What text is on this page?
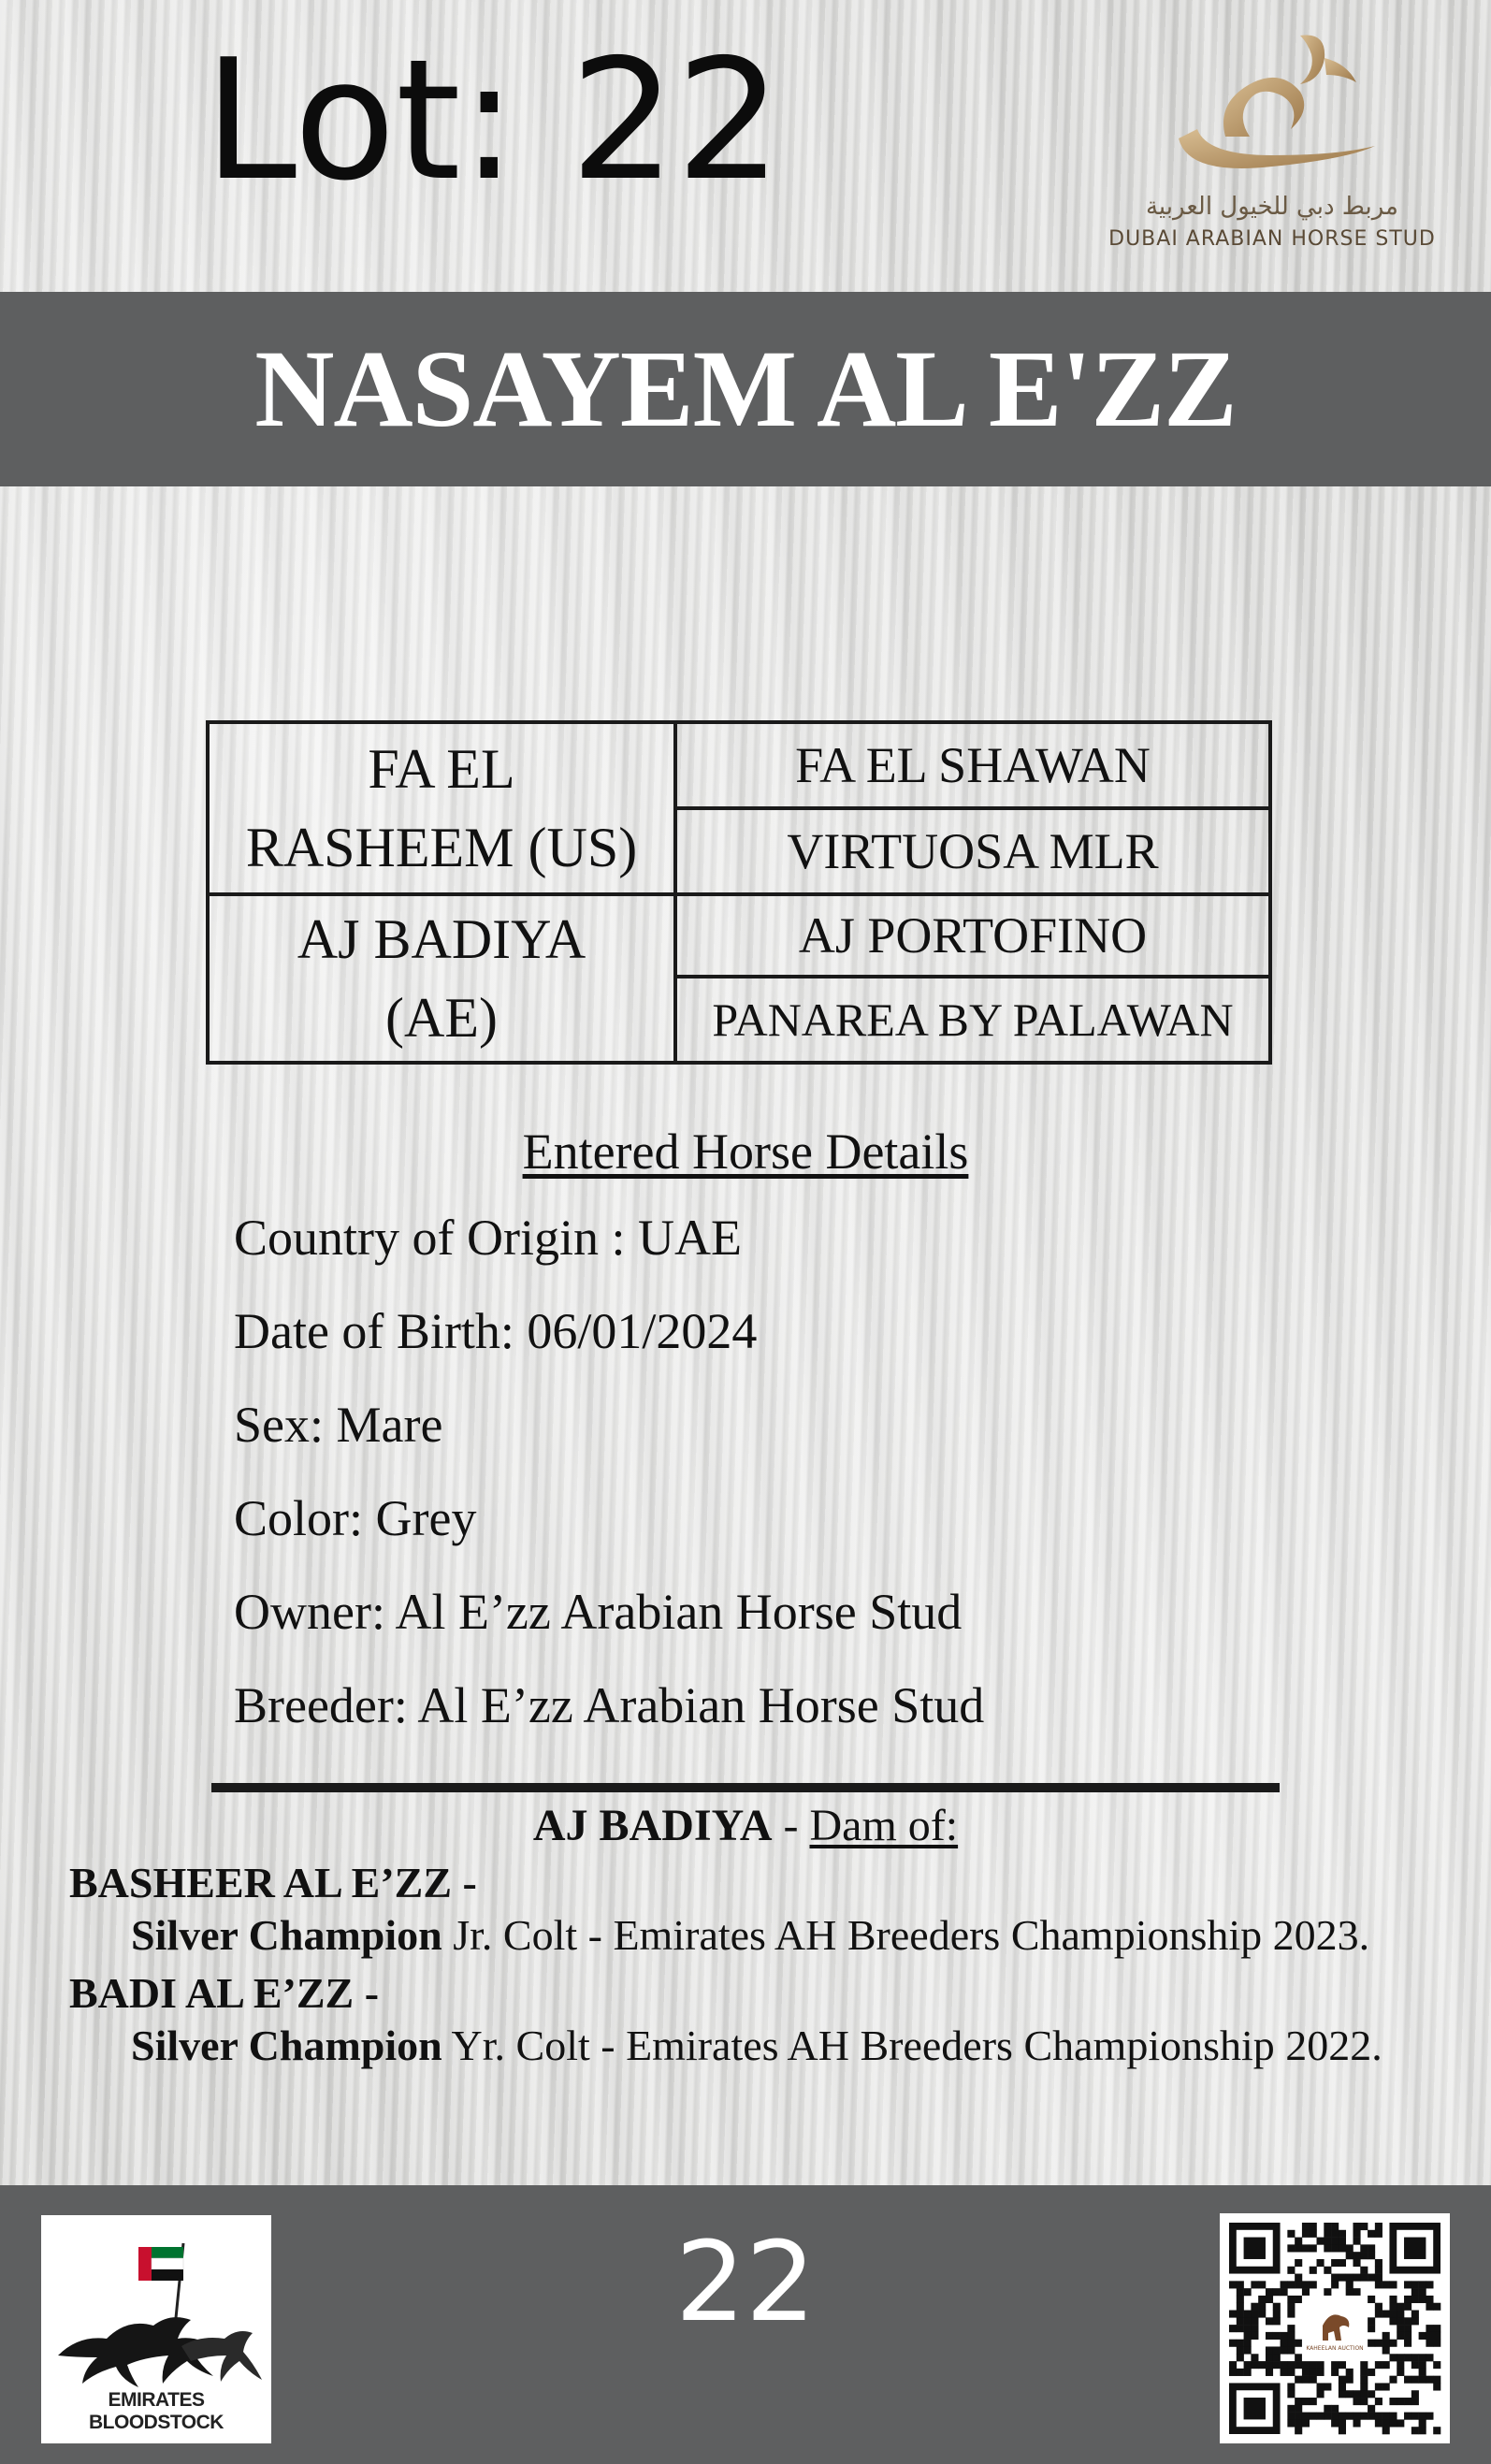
Lot: 22	مربط دبي للخيول العربية
DUBAI ARABIAN HORSE STUD
NASAYEM AL E'ZZ
FA EL
RASHEEM (US)
FA EL SHAWAN
VIRTUOSA MLR
AJ BADIYA
(AE)
AJ PORTOFINO
PANAREA BY PALAWAN
Entered Horse Details
Country of Origin : UAE
Date of Birth: 06/01/2024
Sex: Mare
Color: Grey
Owner: Al E’zz Arabian Horse Stud
Breeder: Al E’zz Arabian Horse Stud
AJ BADIYA - Dam of:
BASHEER AL E’ZZ -
Silver Champion Jr. Colt - Emirates AH Breeders Championship 2023.
BADI AL E’ZZ -
Silver Champion Yr. Colt - Emirates AH Breeders Championship 2022.
22
EMIRATES BLOODSTOCK
KAHEELAN AUCTION
